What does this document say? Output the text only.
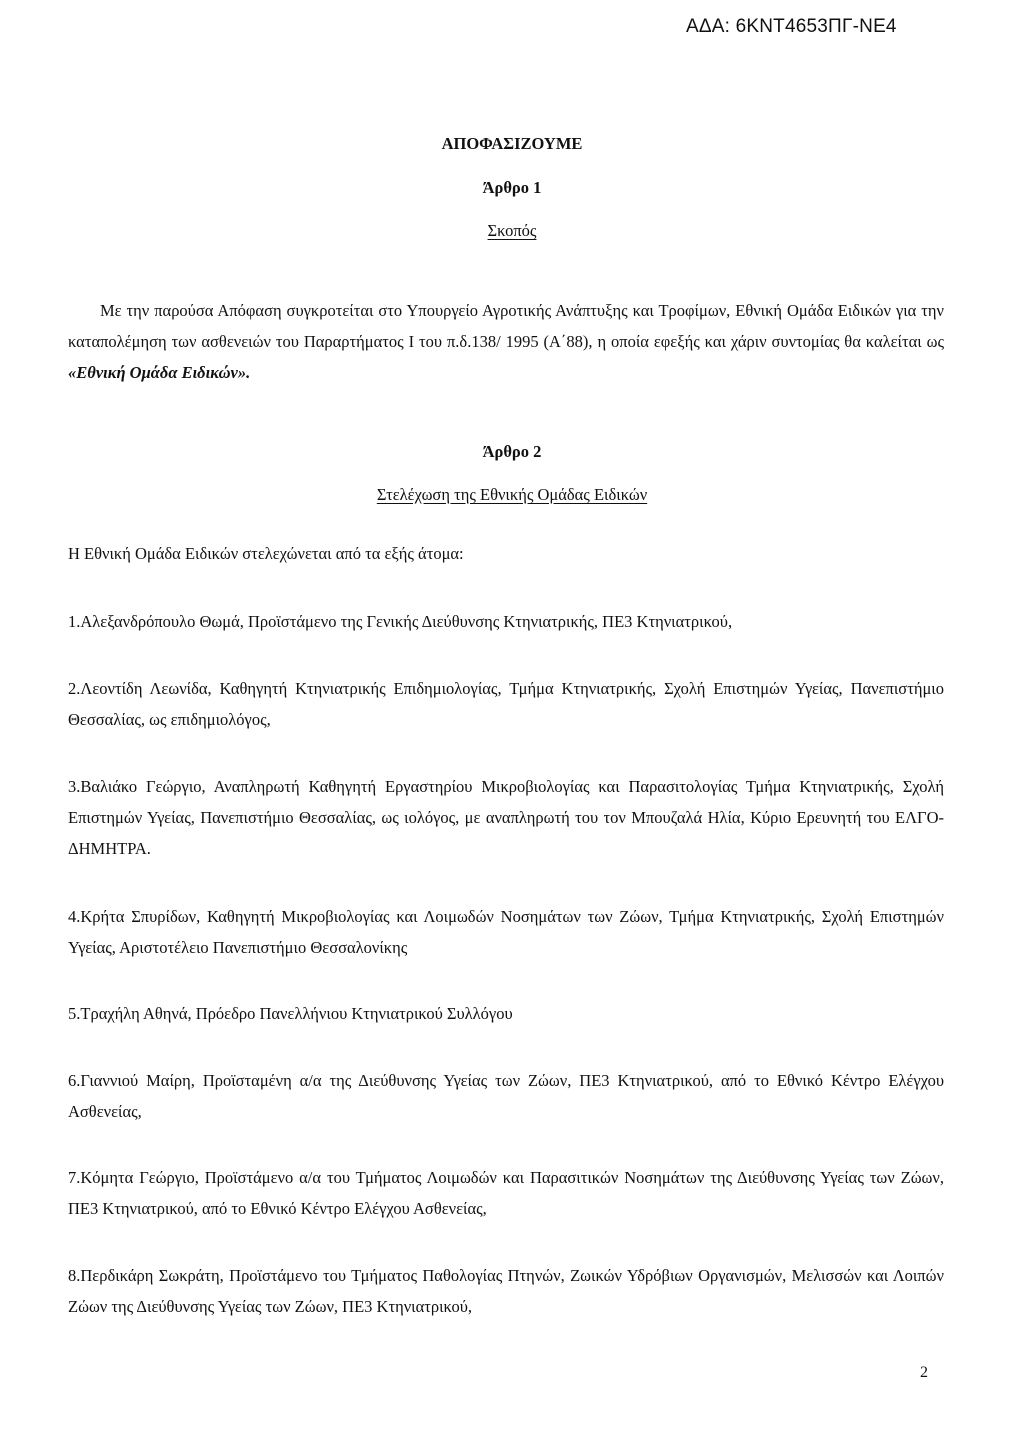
ΑΔΑ: 6ΚΝΤ4653ΠΓ-ΝΕ4
ΑΠΟΦΑΣΙΖΟΥΜΕ
Άρθρο 1
Σκοπός
Με την παρούσα Απόφαση συγκροτείται στο Υπουργείο Αγροτικής Ανάπτυξης και Τροφίμων, Εθνική Ομάδα Ειδικών για την καταπολέμηση των ασθενειών του Παραρτήματος Ι του π.δ.138/ 1995 (Α΄88), η οποία εφεξής και χάριν συντομίας θα καλείται ως «Εθνική Ομάδα Ειδικών».
Άρθρο 2
Στελέχωση της Εθνικής Ομάδας Ειδικών
Η Εθνική Ομάδα Ειδικών στελεχώνεται από τα εξής άτομα:
1.Αλεξανδρόπουλο Θωμά, Προϊστάμενο της Γενικής Διεύθυνσης Κτηνιατρικής, ΠΕ3 Κτηνιατρικού,
2.Λεοντίδη Λεωνίδα, Καθηγητή Κτηνιατρικής Επιδημιολογίας, Τμήμα Κτηνιατρικής, Σχολή Επιστημών Υγείας, Πανεπιστήμιο Θεσσαλίας, ως επιδημιολόγος,
3.Βαλιάκο Γεώργιο, Αναπληρωτή Καθηγητή Εργαστηρίου Μικροβιολογίας και Παρασιτολογίας Τμήμα Κτηνιατρικής, Σχολή Επιστημών Υγείας, Πανεπιστήμιο Θεσσαλίας, ως ιολόγος, με αναπληρωτή του τον Μπουζαλά Ηλία, Κύριο Ερευνητή του ΕΛΓΟ-ΔΗΜΗΤΡΑ.
4.Κρήτα Σπυρίδων, Καθηγητή Μικροβιολογίας και Λοιμωδών Νοσημάτων των Ζώων, Τμήμα Κτηνιατρικής, Σχολή Επιστημών Υγείας, Αριστοτέλειο Πανεπιστήμιο Θεσσαλονίκης
5.Τραχήλη Αθηνά, Πρόεδρο Πανελλήνιου Κτηνιατρικού Συλλόγου
6.Γιαννιού Μαίρη, Προϊσταμένη α/α της Διεύθυνσης Υγείας των Ζώων, ΠΕ3 Κτηνιατρικού, από το Εθνικό Κέντρο Ελέγχου Ασθενείας,
7.Κόμητα Γεώργιο, Προϊστάμενο α/α του Τμήματος Λοιμωδών και Παρασιτικών Νοσημάτων της Διεύθυνσης Υγείας των Ζώων, ΠΕ3 Κτηνιατρικού, από το Εθνικό Κέντρο Ελέγχου Ασθενείας,
8.Περδικάρη Σωκράτη, Προϊστάμενο του Τμήματος Παθολογίας Πτηνών, Ζωικών Υδρόβιων Οργανισμών, Μελισσών και Λοιπών Ζώων της Διεύθυνσης Υγείας των Ζώων, ΠΕ3 Κτηνιατρικού,
2
